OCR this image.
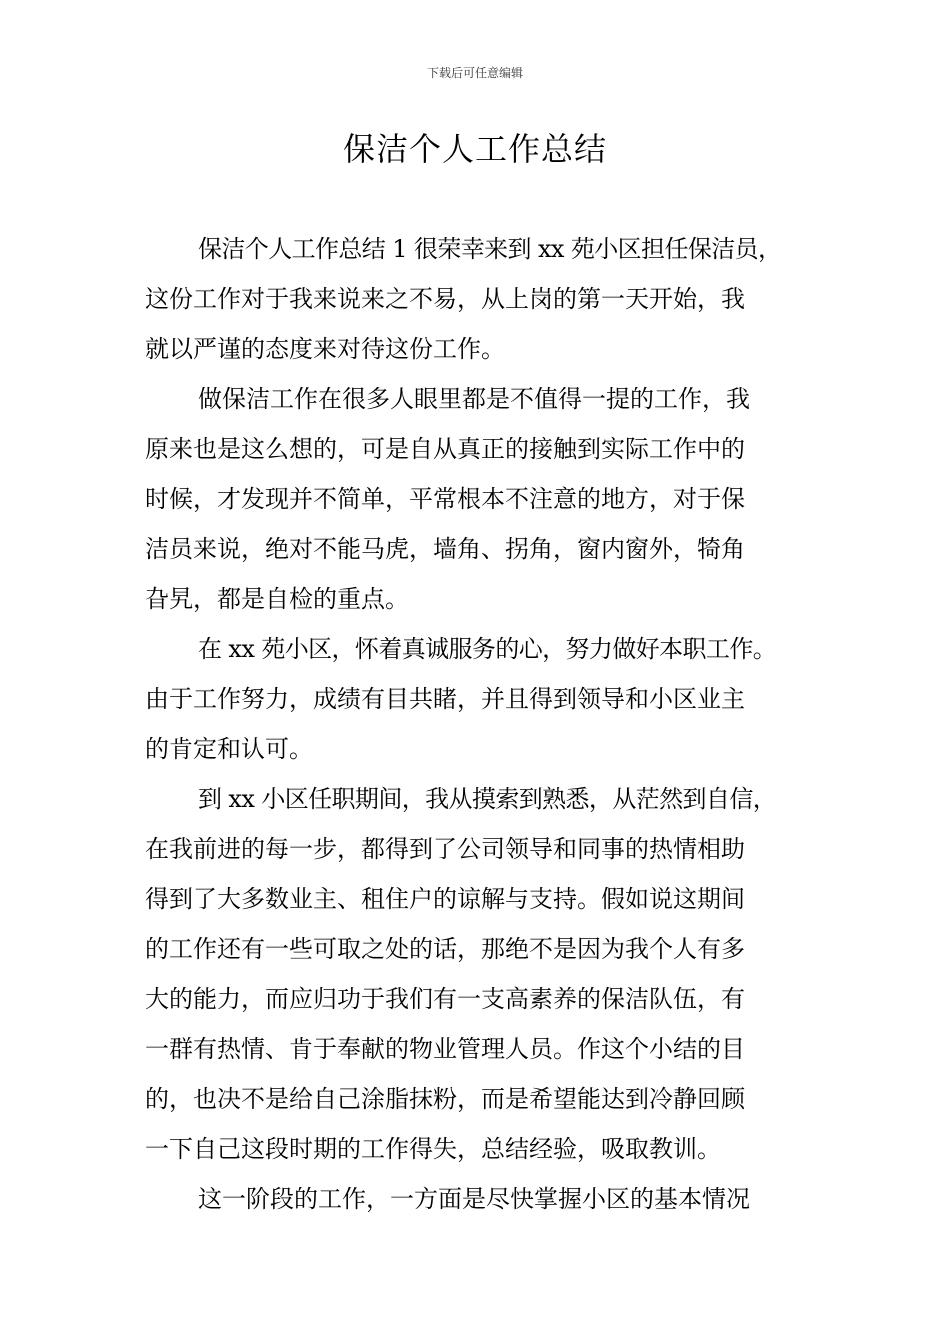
下载后可任意编辑
保洁个人工作总结
保洁个人工作总结 1 很荣幸来到 xx 苑小区担任保洁员，
这份工作对于我来说来之不易，从上岗的第一天开始，我
就以严谨的态度来对待这份工作。
做保洁工作在很多人眼里都是不值得一提的工作，我
原来也是这么想的，可是自从真正的接触到实际工作中的
时候，才发现并不简单，平常根本不注意的地方，对于保
洁员来说，绝对不能马虎，墙角、拐角，窗内窗外，犄角
旮旯，都是自检的重点。
在 xx 苑小区，怀着真诚服务的心，努力做好本职工作。
由于工作努力，成绩有目共睹，并且得到领导和小区业主
的肯定和认可。
到 xx 小区任职期间，我从摸索到熟悉，从茫然到自信，
在我前进的每一步，都得到了公司领导和同事的热情相助
得到了大多数业主、租住户的谅解与支持。假如说这期间
的工作还有一些可取之处的话，那绝不是因为我个人有多
大的能力，而应归功于我们有一支高素养的保洁队伍，有
一群有热情、肯于奉献的物业管理人员。作这个小结的目
的，也决不是给自己涂脂抹粉，而是希望能达到冷静回顾
一下自己这段时期的工作得失，总结经验，吸取教训。
这一阶段的工作，一方面是尽快掌握小区的基本情况
